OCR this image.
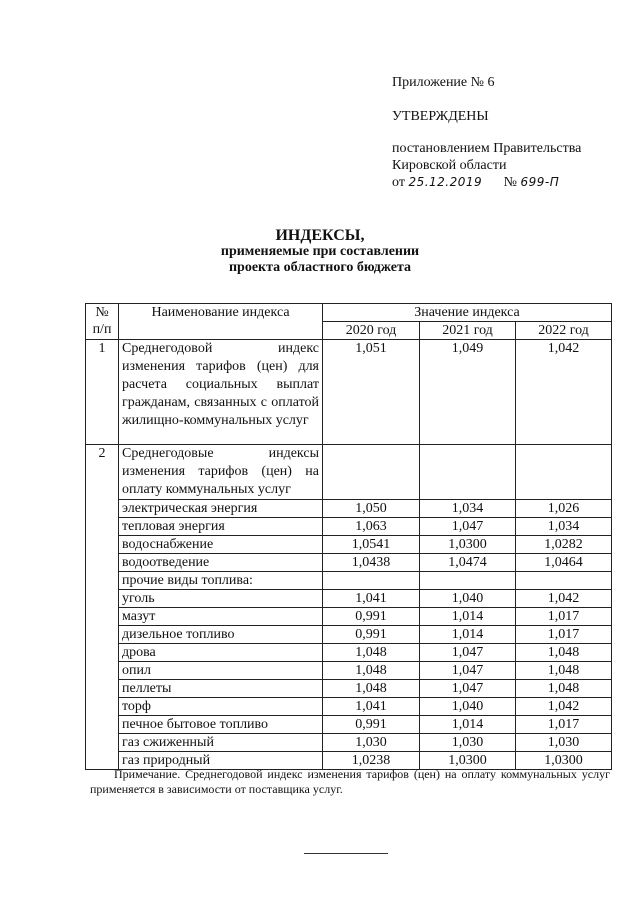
Приложение № 6
УТВЕРЖДЕНЫ
постановлением Правительства
Кировской области
от 25.12.2019 № 699-П
ИНДЕКСЫ,
применяемые при составлении
проекта областного бюджета
№
п/п	Наименование индекса	Значение индекса		
		2020 год	2021 год	2022 год
1	Среднегодовой индекс изменения тарифов (цен) для расчета социальных выплат гражданам, связанных с оплатой жилищно-коммунальных услуг	1,051	1,049	1,042
2	Среднегодовые индексы изменения тарифов (цен) на оплату коммунальных услуг			
	электрическая энергия	1,050	1,034	1,026
	тепловая энергия	1,063	1,047	1,034
	водоснабжение	1,0541	1,0300	1,0282
	водоотведение	1,0438	1,0474	1,0464
	прочие виды топлива:			
	уголь	1,041	1,040	1,042
	мазут	0,991	1,014	1,017
	дизельное топливо	0,991	1,014	1,017
	дрова	1,048	1,047	1,048
	опил	1,048	1,047	1,048
	пеллеты	1,048	1,047	1,048
	торф	1,041	1,040	1,042
	печное бытовое топливо	0,991	1,014	1,017
	газ сжиженный	1,030	1,030	1,030
	газ природный	1,0238	1,0300	1,0300
Примечание. Среднегодовой индекс изменения тарифов (цен) на оплату коммунальных услуг применяется в зависимости от поставщика услуг.
